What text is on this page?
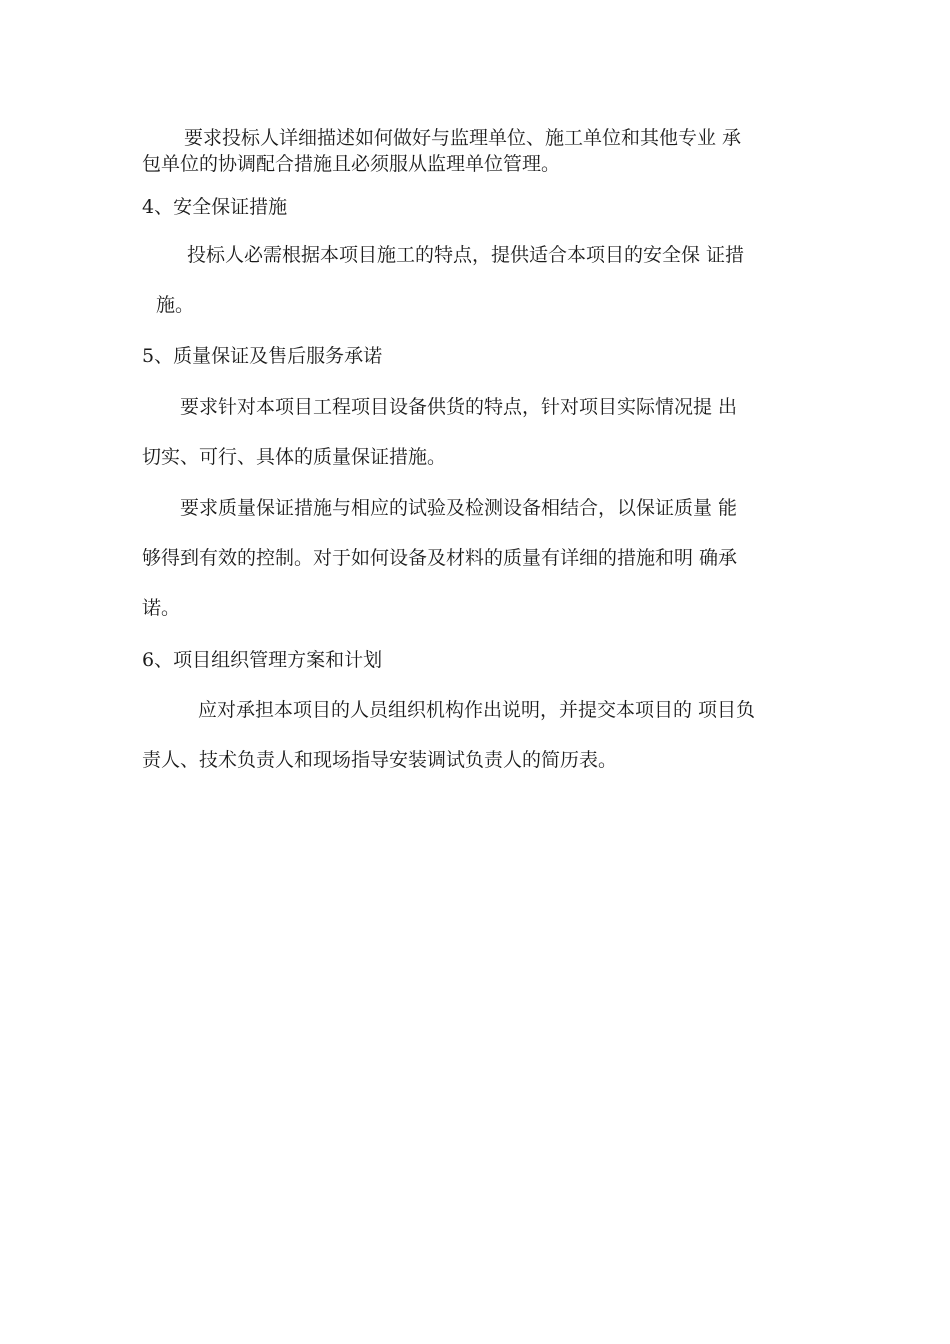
要求投标人详细描述如何做好与监理单位、施工单位和其他专业 承
包单位的协调配合措施且必须服从监理单位管理。
4、安全保证措施
投标人必需根据本项目施工的特点，提供适合本项目的安全保 证措
施。
5、质量保证及售后服务承诺
要求针对本项目工程项目设备供货的特点，针对项目实际情况提 出
切实、可行、具体的质量保证措施。
要求质量保证措施与相应的试验及检测设备相结合，以保证质量 能
够得到有效的控制。对于如何设备及材料的质量有详细的措施和明 确承
诺。
6、项目组织管理方案和计划
应对承担本项目的人员组织机构作出说明，并提交本项目的 项目负
责人、技术负责人和现场指导安装调试负责人的简历表。
